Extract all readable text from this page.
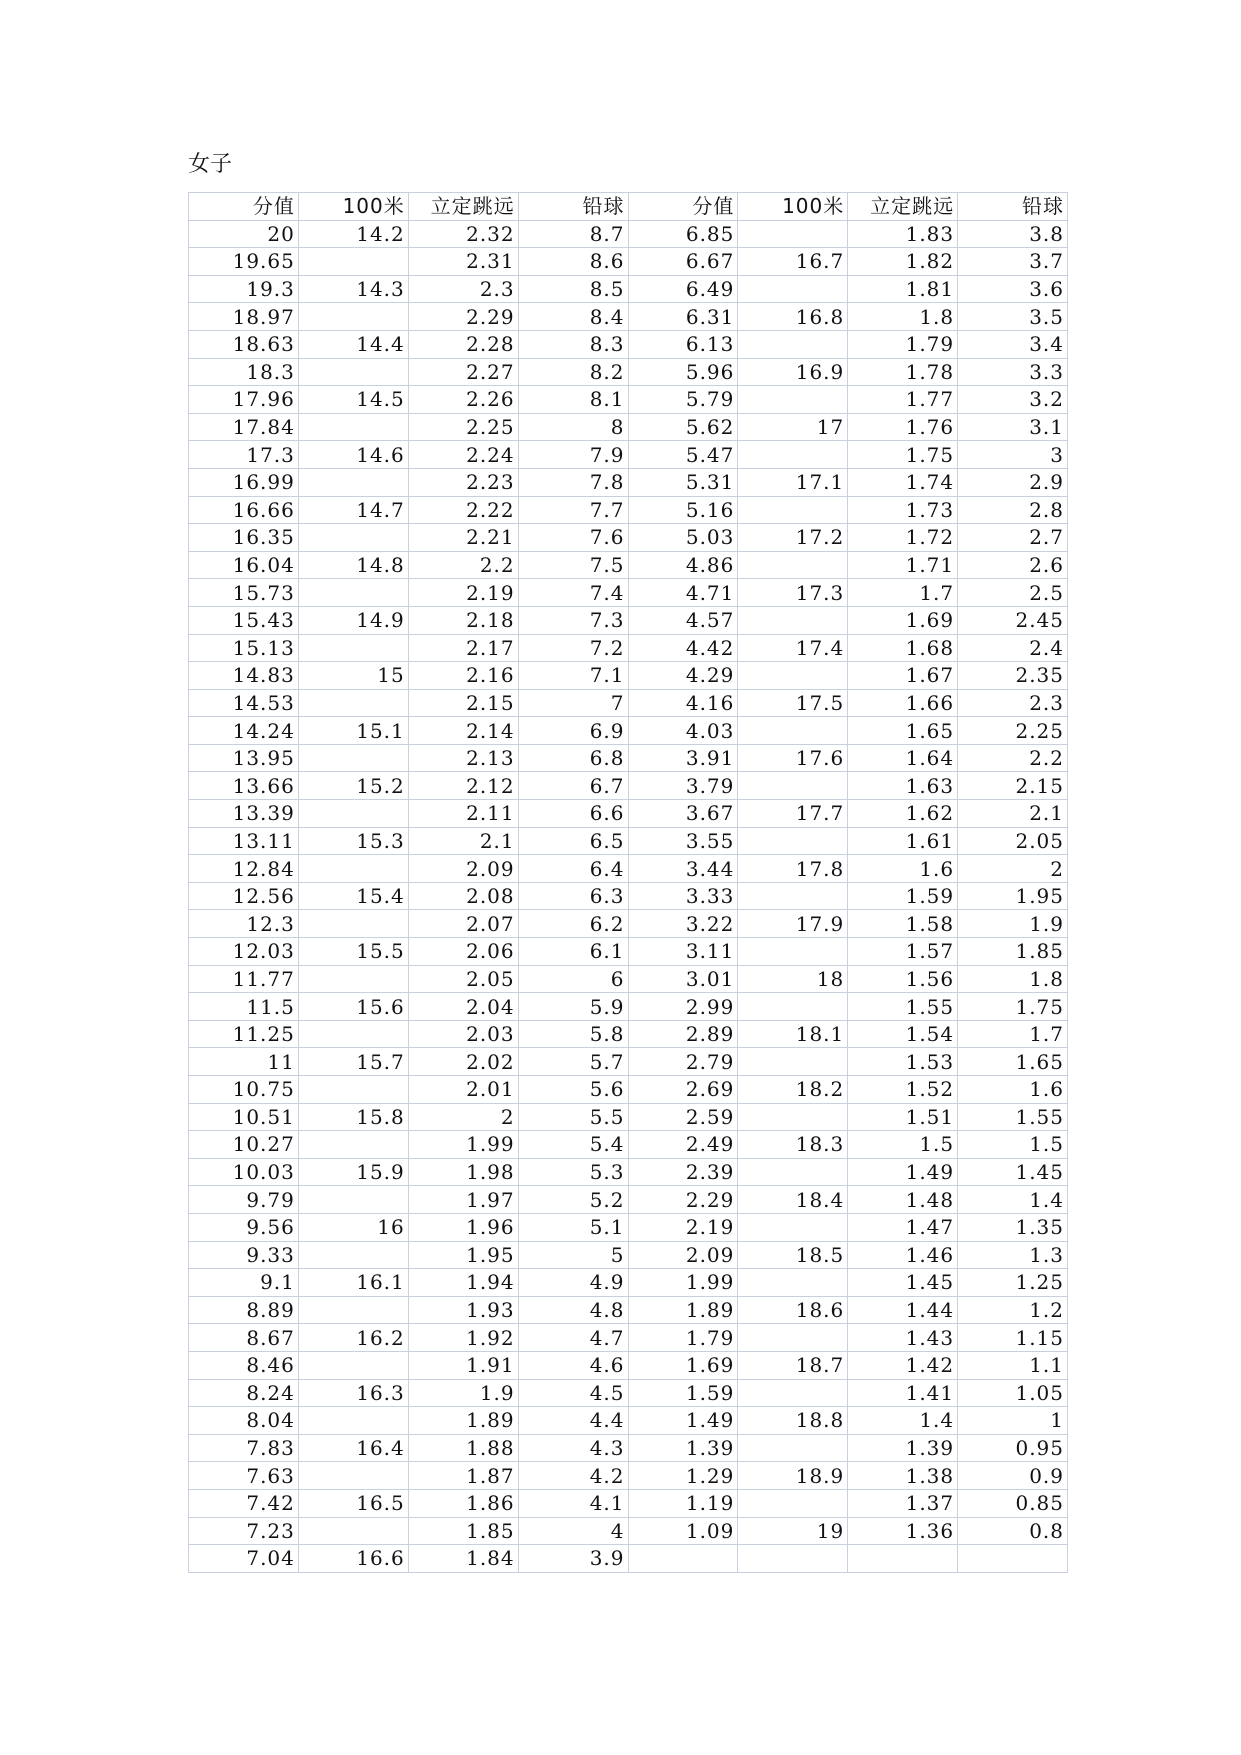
女子
分值	100米	立定跳远	铅球	分值	100米	立定跳远	铅球
20	14.2	2.32	8.7	6.85		1.83	3.8
19.65		2.31	8.6	6.67	16.7	1.82	3.7
19.3	14.3	2.3	8.5	6.49		1.81	3.6
18.97		2.29	8.4	6.31	16.8	1.8	3.5
18.63	14.4	2.28	8.3	6.13		1.79	3.4
18.3		2.27	8.2	5.96	16.9	1.78	3.3
17.96	14.5	2.26	8.1	5.79		1.77	3.2
17.84		2.25	8	5.62	17	1.76	3.1
17.3	14.6	2.24	7.9	5.47		1.75	3
16.99		2.23	7.8	5.31	17.1	1.74	2.9
16.66	14.7	2.22	7.7	5.16		1.73	2.8
16.35		2.21	7.6	5.03	17.2	1.72	2.7
16.04	14.8	2.2	7.5	4.86		1.71	2.6
15.73		2.19	7.4	4.71	17.3	1.7	2.5
15.43	14.9	2.18	7.3	4.57		1.69	2.45
15.13		2.17	7.2	4.42	17.4	1.68	2.4
14.83	15	2.16	7.1	4.29		1.67	2.35
14.53		2.15	7	4.16	17.5	1.66	2.3
14.24	15.1	2.14	6.9	4.03		1.65	2.25
13.95		2.13	6.8	3.91	17.6	1.64	2.2
13.66	15.2	2.12	6.7	3.79		1.63	2.15
13.39		2.11	6.6	3.67	17.7	1.62	2.1
13.11	15.3	2.1	6.5	3.55		1.61	2.05
12.84		2.09	6.4	3.44	17.8	1.6	2
12.56	15.4	2.08	6.3	3.33		1.59	1.95
12.3		2.07	6.2	3.22	17.9	1.58	1.9
12.03	15.5	2.06	6.1	3.11		1.57	1.85
11.77		2.05	6	3.01	18	1.56	1.8
11.5	15.6	2.04	5.9	2.99		1.55	1.75
11.25		2.03	5.8	2.89	18.1	1.54	1.7
11	15.7	2.02	5.7	2.79		1.53	1.65
10.75		2.01	5.6	2.69	18.2	1.52	1.6
10.51	15.8	2	5.5	2.59		1.51	1.55
10.27		1.99	5.4	2.49	18.3	1.5	1.5
10.03	15.9	1.98	5.3	2.39		1.49	1.45
9.79		1.97	5.2	2.29	18.4	1.48	1.4
9.56	16	1.96	5.1	2.19		1.47	1.35
9.33		1.95	5	2.09	18.5	1.46	1.3
9.1	16.1	1.94	4.9	1.99		1.45	1.25
8.89		1.93	4.8	1.89	18.6	1.44	1.2
8.67	16.2	1.92	4.7	1.79		1.43	1.15
8.46		1.91	4.6	1.69	18.7	1.42	1.1
8.24	16.3	1.9	4.5	1.59		1.41	1.05
8.04		1.89	4.4	1.49	18.8	1.4	1
7.83	16.4	1.88	4.3	1.39		1.39	0.95
7.63		1.87	4.2	1.29	18.9	1.38	0.9
7.42	16.5	1.86	4.1	1.19		1.37	0.85
7.23		1.85	4	1.09	19	1.36	0.8
7.04	16.6	1.84	3.9				
